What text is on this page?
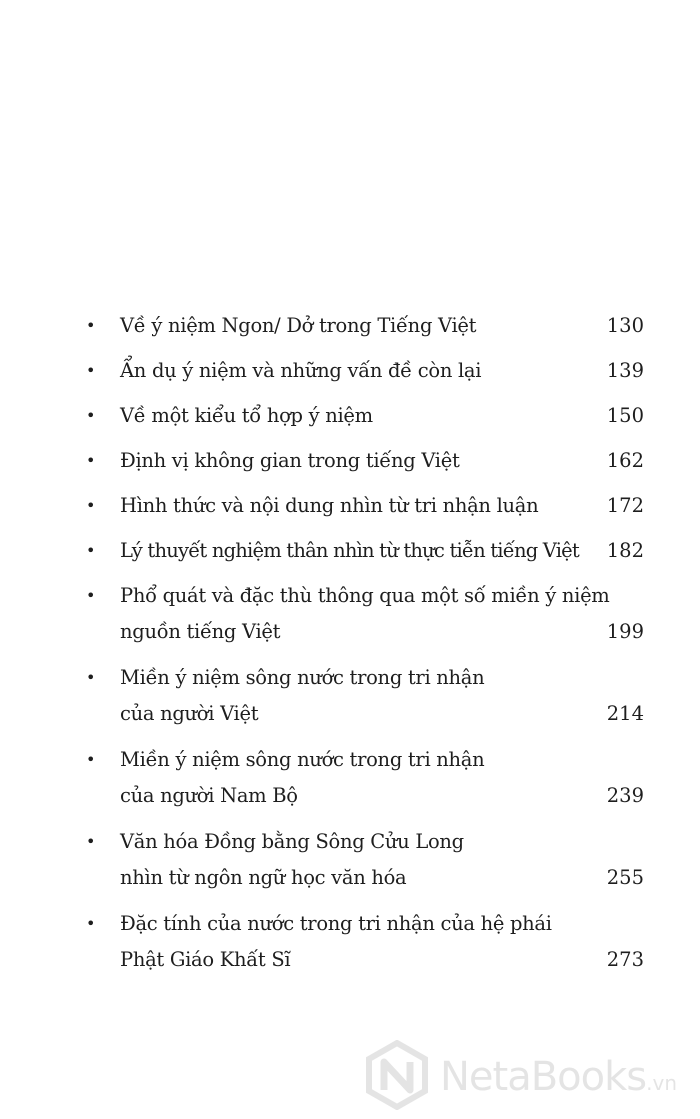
• Về ý niệm Ngon/ Dở trong Tiếng Việt	130
• Ẩn dụ ý niệm và những vấn đề còn lại	139
• Về một kiểu tổ hợp ý niệm	150
• Định vị không gian trong tiếng Việt	162
• Hình thức và nội dung nhìn từ tri nhận luận	172
• Lý thuyết nghiệm thân nhìn từ thực tiễn tiếng Việt	182
• Phổ quát và đặc thù thông qua một số miền ý niệm
nguồn tiếng Việt	199
• Miền ý niệm sông nước trong tri nhận
của người Việt	214
• Miền ý niệm sông nước trong tri nhận
của người Nam Bộ	239
• Văn hóa Đồng bằng Sông Cửu Long
nhìn từ ngôn ngữ học văn hóa	255
• Đặc tính của nước trong tri nhận của hệ phái
Phật Giáo Khất Sĩ	273
NetaBooks.vn
